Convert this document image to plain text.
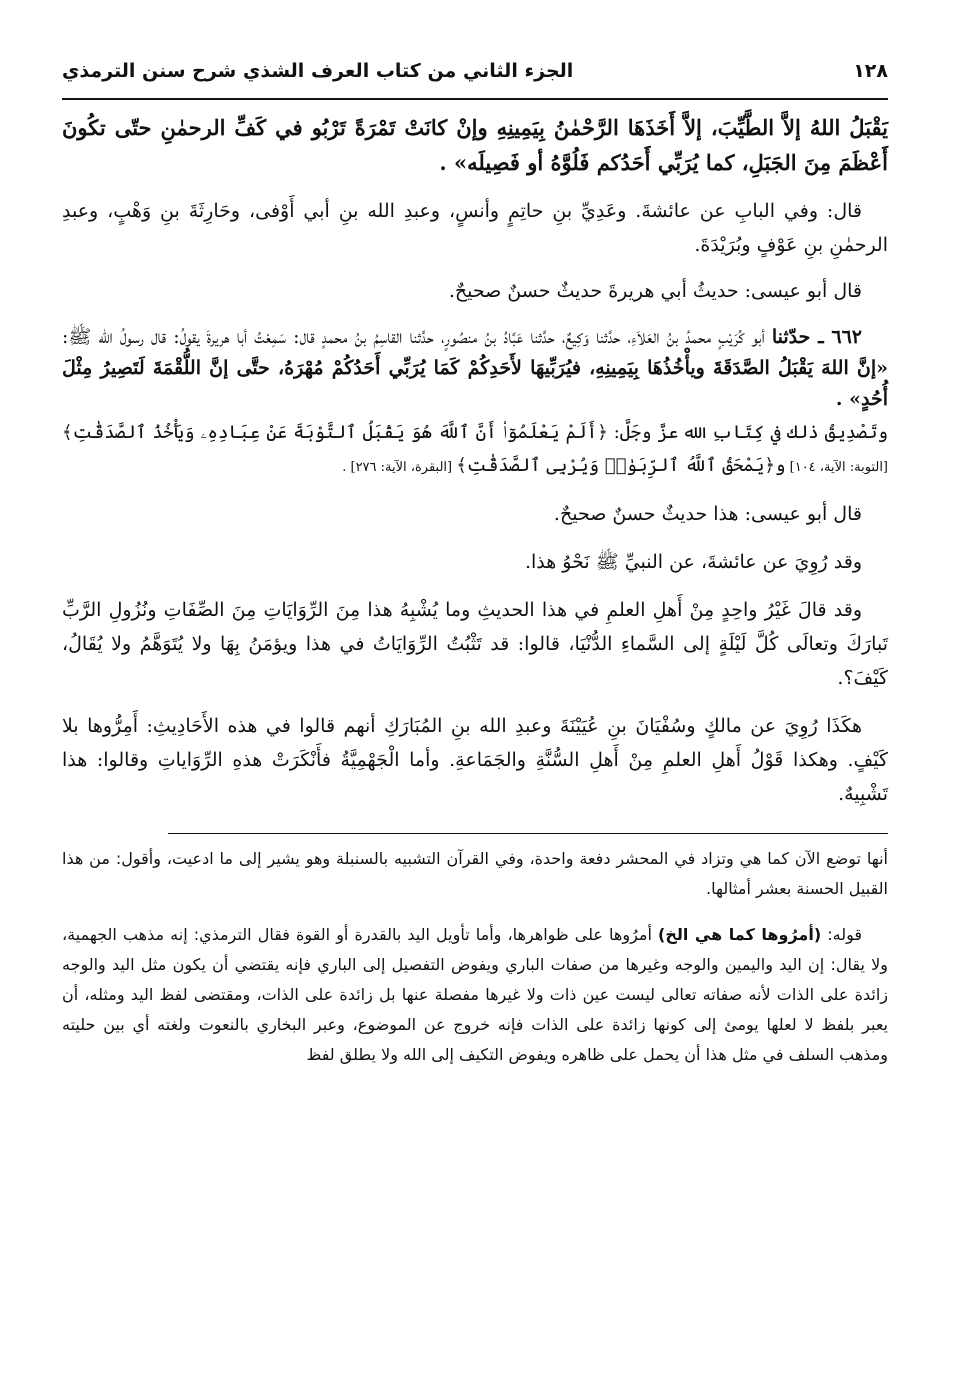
١٢٨
الجزء الثاني من كتاب العرف الشذي شرح سنن الترمذي

يَقْبَلُ اللهُ إلاَّ الطَّيِّبَ، إلاَّ أَخَذَهَا الرَّحْمٰنُ بِيَمِينِهِ وإنْ كانَتْ تَمْرَةً تَرْبُو في كَفِّ الرحمٰنِ حتّى تكُونَ أَعْظَمَ مِنَ الجَبَلِ، كما يُرَبِّي أَحَدُكم فَلُوَّهُ أو فَصِيلَه» .

قال: وفي البابِ عن عائشةَ. وعَدِيِّ بنِ حاتِمٍ وأنسٍ، وعبدِ الله بنِ أبي أَوْفى، وحَارِثَةَ بنِ وَهْبٍ، وعبدِ الرحمٰنِ بنِ عَوْفٍ وبُرَيْدَةَ.

قال أبو عيسى: حديثُ أبي هريرةَ حديثٌ حسنٌ صحيحٌ.

٦٦٢ ـ حدّثنا أبو كُرَيْبٍ محمدُ بنُ العَلاَءِ، حدَّثنا وَكِيعٌ، حدَّثنا عَبَّادُ بنُ منصُورٍ، حدَّثنا القاسِمُ بنُ محمدٍ قال: سَمِعْتُ أبا هريرةَ يقولُ: قال رسولُ الله ﷺ: «إنَّ اللهَ يَقْبَلُ الصَّدَقَةَ ويأْخُذُهَا بِيَمِينِهِ، فيُرَبِّيهَا لأَحَدِكُمْ كَمَا يُرَبِّي أَحَدُكُمْ مُهْرَهُ، حتَّى إنَّ اللُّقْمَةَ لَتَصِيرُ مِثْلَ أُحُدٍ» .

وتَصْدِيقُ ذلك في كِتَابِ الله عزَّ وجَلَّ: ﴿أَلَمْ يَعْلَمُوٓا۟ أَنَّ ٱللَّهَ هُوَ يَقْبَلُ ٱلتَّوْبَةَ عَنْ عِبَادِهِۦ وَيَأْخُذُ ٱلصَّدَقَٰتِ﴾ [التوبة: الآية، ١٠٤] و﴿يَمْحَقُ ٱللَّهُ ٱلرِّبَوٰا۟ وَيُرْبِى ٱلصَّدَقَٰتِ﴾ [البقرة، الآية: ٢٧٦] .

قال أبو عيسى: هذا حديثٌ حسنٌ صحيحٌ.

وقد رُوِيَ عن عائشةَ، عن النبيِّ ﷺ نَحْوُ هذا.

وقد قالَ غَيْرُ واحِدٍ مِنْ أَهلِ العلمِ في هذا الحديثِ وما يُشْبِهُ هذا مِنَ الرِّوَايَاتِ مِنَ الصِّفَاتِ ونُزُولِ الرَّبِّ تَبارَكَ وتعالَى كُلَّ لَيْلَةٍ إلى السَّماءِ الدُّنْيَا، قالوا: قد تَثْبُتُ الرِّوَايَاتُ في هذا ويؤمَنُ بِهَا ولا يُتَوَهَّمُ ولا يُقَالُ، كَيْفَ؟.

هكَذَا رُوِيَ عن مالكٍ وسُفْيَانَ بنِ عُيَيْنَةَ وعبدِ الله بنِ المُبَارَكِ أنهم قالوا في هذه الأَحَادِيثِ: أَمِرُّوها بلا كَيْفٍ. وهكذا قَوْلُ أَهلِ العلمِ مِنْ أَهلِ السُّنَّةِ والجَمَاعةِ. وأما الْجَهْمِيَّةُ فأَنْكَرَتْ هذهِ الرِّوَاياتِ وقالوا: هذا تَشْبِيهٌ.

أنها توضع الآن كما هي وتزاد في المحشر دفعة واحدة، وفي القرآن التشبيه بالسنبلة وهو يشير إلى ما ادعيت، وأقول: من هذا القبيل الحسنة بعشر أمثالها.

قوله: (أمرُوها كما هي الخ) أمرُوها على ظواهرها، وأما تأويل اليد بالقدرة أو القوة فقال الترمذي: إنه مذهب الجهمية، ولا يقال: إن اليد واليمين والوجه وغيرها من صفات الباري ويفوض التفصيل إلى الباري فإنه يقتضي أن يكون مثل اليد والوجه زائدة على الذات لأنه صفاته تعالى ليست عين ذات ولا غيرها مفصلة عنها بل زائدة على الذات، ومقتضى لفظ اليد ومثله، أن يعبر بلفظ لا لعلها يومئ إلى كونها زائدة على الذات فإنه خروج عن الموضوع، وعبر البخاري بالنعوت ولغته أي بين حليته ومذهب السلف في مثل هذا أن يحمل على ظاهره ويفوض التكيف إلى الله ولا يطلق لفظ
